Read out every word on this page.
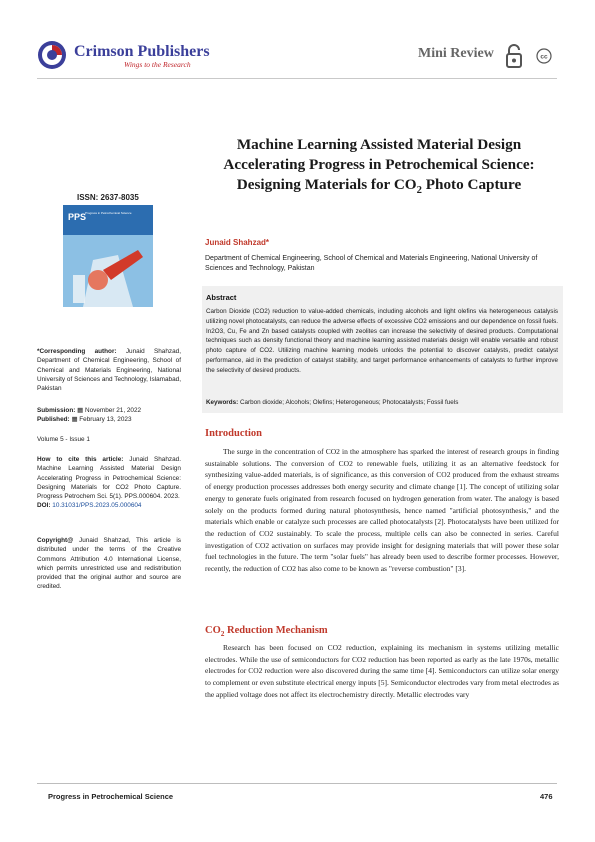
Crimson Publishers
Wings to the Research
Mini Review	cc
ISSN: 2637-8035
PPS
Progress in Petrochemical Science
*Corresponding author: Junaid Shahzad, Department of Chemical Engineering, School of Chemical and Materials Engineering, National University of Sciences and Technology, Islamabad, Pakistan
Submission: ▦ November 21, 2022
Published: ▦ February 13, 2023
Volume 5 - Issue 1
How to cite this article: Junaid Shahzad. Machine Learning Assisted Material Design Accelerating Progress in Petrochemical Science: Designing Materials for CO2 Photo Capture. Progress Petrochem Sci. 5(1). PPS.000604. 2023.
DOI: 10.31031/PPS.2023.05.000604
Copyright@ Junaid Shahzad, This article is distributed under the terms of the Creative Commons Attribution 4.0 International License, which permits unrestricted use and redistribution provided that the original author and source are credited.
Machine Learning Assisted Material Design Accelerating Progress in Petrochemical Science: Designing Materials for $CO_2$ Photo Capture
Junaid Shahzad*
Department of Chemical Engineering, School of Chemical and Materials Engineering, National University of Sciences and Technology, Pakistan
Abstract
Carbon Dioxide (CO2) reduction to value-added chemicals, including alcohols and light olefins via heterogeneous catalysis utilizing novel photocatalysts, can reduce the adverse effects of excessive CO2 emissions and our dependence on fossil fuels. In2O3, Cu, Fe and Zn based catalysts coupled with zeolites can increase the selectivity of desired products. Computational techniques such as density functional theory and machine learning assisted materials design will enable versatile and robust photo capture of CO2. Utilizing machine learning models unlocks the potential to discover catalysts, predict catalyst performance, aid in the prediction of catalyst stability, and target performance enhancements of catalysts to further improve the selectivity of desired products.
Keywords: Carbon dioxide; Alcohols; Olefins; Heterogeneous; Photocatalysts; Fossil fuels
Introduction
The surge in the concentration of CO2 in the atmosphere has sparked the interest of research groups in finding sustainable solutions. The conversion of CO2 to renewable fuels, utilizing it as an alternative feedstock for synthesizing value-added materials, is of significance, as this conversion of CO2 produced from the exhaust streams of energy production processes addresses both energy security and climate change [1]. The concept of utilizing solar energy to generate fuels originated from research focused on hydrogen generation from water. The analogy is based solely on the products formed during natural photosynthesis, hence named "artificial photosynthesis," and the materials which enable or catalyze such processes are called photocatalysts [2]. Photocatalysts have been utilized for the reduction of CO2 sustainably. To scale the process, multiple cells can also be connected in series. Careful investigation of CO2 activation on surfaces may provide insight for designing materials that will power these solar fuel technologies in the future. The term "solar fuels" has already been used to describe former processes. However, recently, the reduction of CO2 has also come to be known as "reverse combustion" [3].
$CO_2$ Reduction Mechanism
Research has been focused on CO2 reduction, explaining its mechanism in systems utilizing metallic electrodes. While the use of semiconductors for CO2 reduction has been reported as early as the late 1970s, metallic electrodes for CO2 reduction were also discovered during the same time [4]. Semiconductors can utilize solar energy to complement or even substitute electrical energy inputs [5]. Semiconductor electrodes vary from metal electrodes as the applied voltage does not affect its electrochemistry directly. Metallic electrodes vary
Progress in Petrochemical Science	476
